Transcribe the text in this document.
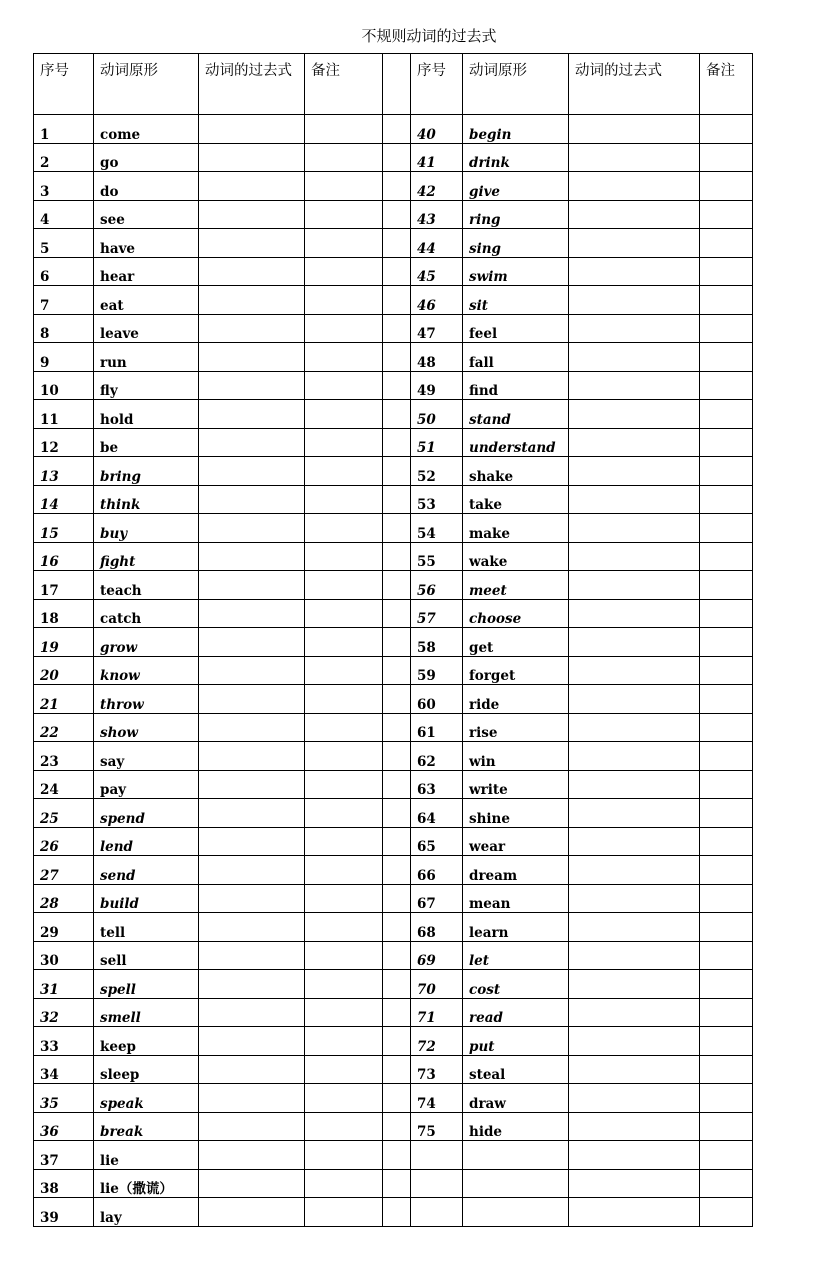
不规则动词的过去式
序号	动词原形	动词的过去式	备注		序号	动词原形	动词的过去式	备注
1	come				40	begin		
2	go				41	drink		
3	do				42	give		
4	see				43	ring		
5	have				44	sing		
6	hear				45	swim		
7	eat				46	sit		
8	leave				47	feel		
9	run				48	fall		
10	fly				49	find		
11	hold				50	stand		
12	be				51	understand		
13	bring				52	shake		
14	think				53	take		
15	buy				54	make		
16	fight				55	wake		
17	teach				56	meet		
18	catch				57	choose		
19	grow				58	get		
20	know				59	forget		
21	throw				60	ride		
22	show				61	rise		
23	say				62	win		
24	pay				63	write		
25	spend				64	shine		
26	lend				65	wear		
27	send				66	dream		
28	build				67	mean		
29	tell				68	learn		
30	sell				69	let		
31	spell				70	cost		
32	smell				71	read		
33	keep				72	put		
34	sleep				73	steal		
35	speak				74	draw		
36	break				75	hide		
37	lie							
38	lie（撒谎）							
39	lay							
